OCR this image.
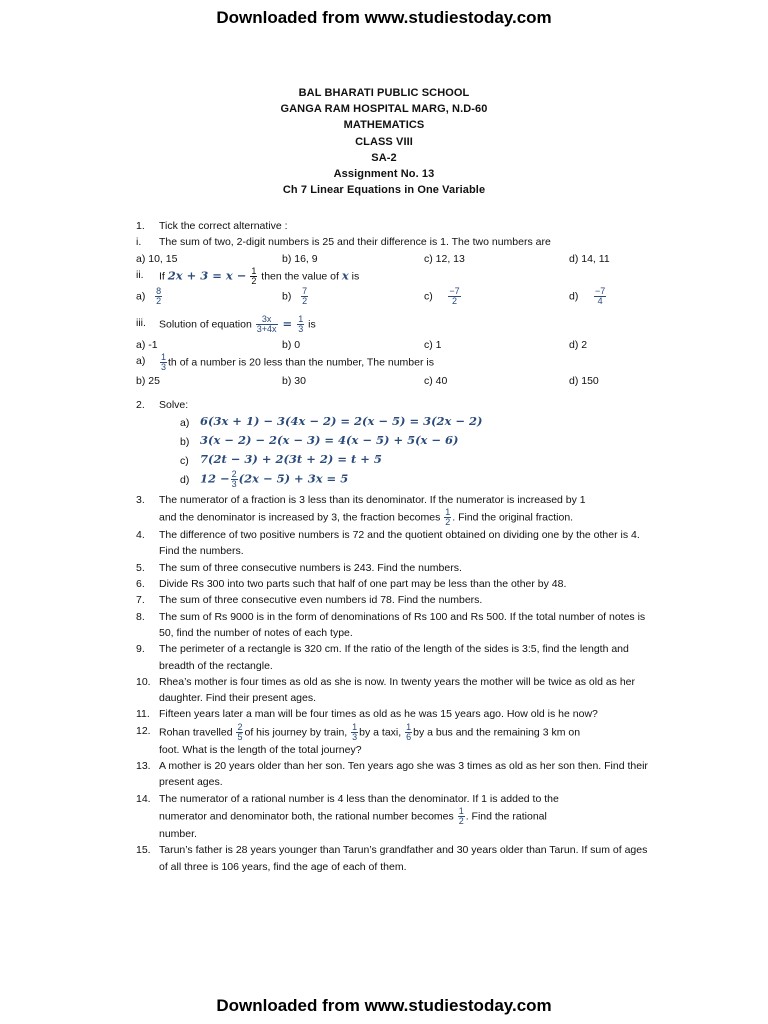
Downloaded from www.studiestoday.com
BAL BHARATI PUBLIC SCHOOL
GANGA RAM HOSPITAL MARG, N.D-60
MATHEMATICS
CLASS VIII
SA-2
Assignment No. 13
Ch 7 Linear Equations in One Variable
1.	Tick the correct alternative :
i.	The sum of two, 2-digit numbers is 25 and their difference is 1. The two numbers are
a) 10, 15	b) 16, 9	c) 12, 13	d) 14, 11
ii.	If $2x + 3 = x - \frac{1}{2}$ then the value of x is
$a) \frac{8}{2}$	$b) \frac{7}{2}$	$c) \frac{-7}{2}$	$d) \frac{-7}{4}$
iii.	Solution of equation $\frac{3x}{3+4x} = \frac{1}{3}$ is
a) -1	b) 0	c) 1	d) 2
a)	$\frac{1}{3}$ th of a number is 20 less than the number, The number is
b) 25	b) 30	c) 40	d) 150
2.	Solve:
a) 6(3x + 1) − 3(4x − 2) = 2(x − 5) = 3(2x − 2)
b) 3(x − 2) − 2(x − 3) = 4(x − 5) + 5(x − 6)
c) 7(2t − 3) + 2(3t + 2) = t + 5
d) $12 - \frac{2}{3} (2x - 5) + 3x = 5$
3.	The numerator of a fraction is 3 less than its denominator. If the numerator is increased by 1
and the denominator is increased by 3, the fraction becomes $\frac{1}{2}$ . Find the original fraction.
4.	The difference of two positive numbers is 72 and the quotient obtained on dividing one by the other is 4. Find the numbers.
5.	The sum of three consecutive numbers is 243. Find the numbers.
6.	Divide Rs 300 into two parts such that half of one part may be less than the other by 48.
7.	The sum of three consecutive even numbers id 78. Find the numbers.
8.	The sum of Rs 9000 is in the form of denominations of Rs 100 and Rs 500. If the total number of notes is 50, find the number of notes of each type.
9.	The perimeter of a rectangle is 320 cm. If the ratio of the length of the sides is 3:5, find the length and breadth of the rectangle.
10. Rhea’s mother is four times as old as she is now. In twenty years the mother will be twice as old as her daughter. Find their present ages.
11. Fifteen years later a man will be four times as old as he was 15 years ago. How old is he now?
12. Rohan travelled $\frac{2}{5}$ of his journey by train, $\frac{1}{3}$ by a taxi, $\frac{1}{6}$ by a bus and the remaining 3 km on
foot. What is the length of the total journey?
13. A mother is 20 years older than her son. Ten years ago she was 3 times as old as her son then. Find their present ages.
14. The numerator of a rational number is 4 less than the denominator. If 1 is added to the
numerator and denominator both, the rational number becomes $\frac{1}{2}$ . Find the rational
number.
15. Tarun’s father is 28 years younger than Tarun’s grandfather and 30 years older than Tarun. If sum of ages of all three is 106 years, find the age of each of them.
Downloaded from www.studiestoday.com
